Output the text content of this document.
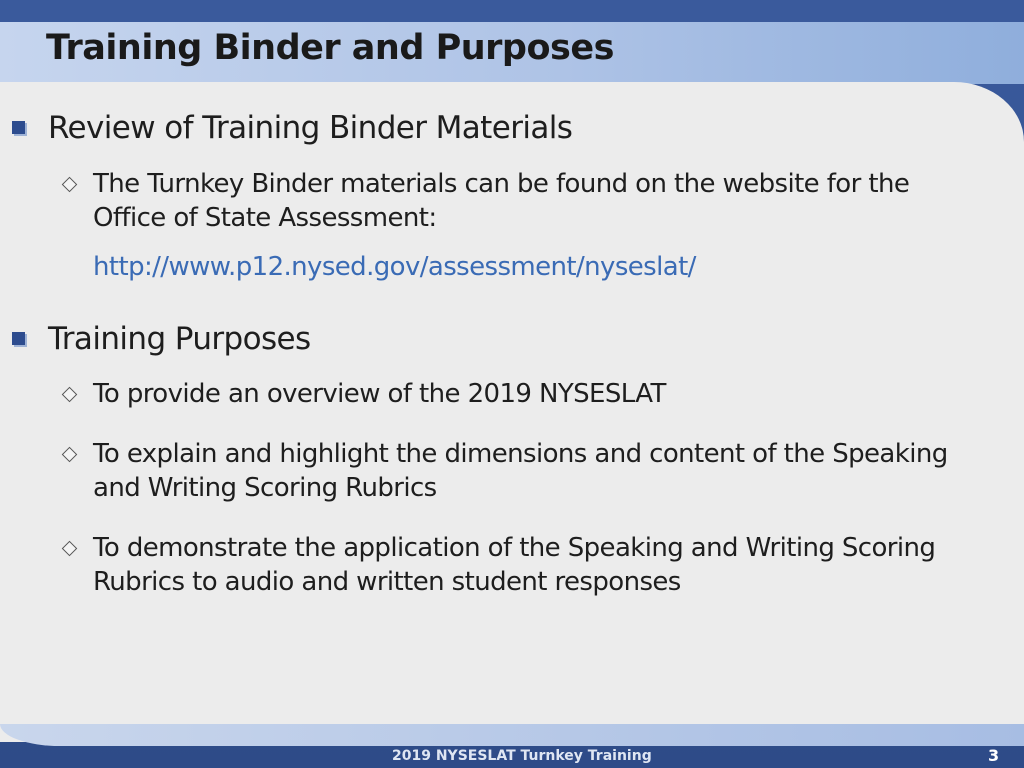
Training Binder and Purposes
Review of Training Binder Materials
The Turnkey Binder materials can be found on the website for the
Office of State Assessment:
http://www.p12.nysed.gov/assessment/nyseslat/
Training Purposes
To provide an overview of the 2019 NYSESLAT
To explain and highlight the dimensions and content of the Speaking
and Writing Scoring Rubrics
To demonstrate the application of the Speaking and Writing Scoring
Rubrics to audio and written student responses
2019 NYSESLAT Turnkey Training	3
